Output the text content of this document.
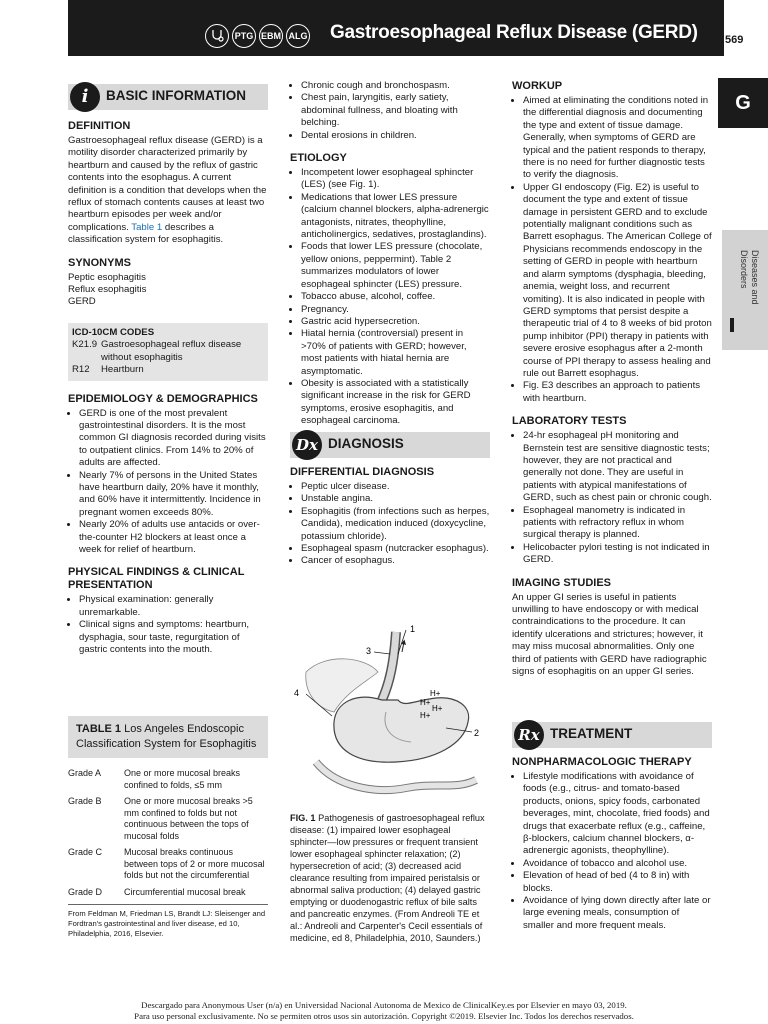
PTG EBM ALG Gastroesophageal Reflux Disease (GERD) 569
G
Diseases and Disorders
i	BASIC INFORMATION
DEFINITION

Gastroesophageal reflux disease (GERD) is a motility disorder characterized primarily by heartburn and caused by the reflux of gastric contents into the esophagus. A current definition is a condition that develops when the reflux of stomach contents causes at least two heartburn episodes per week and/or complications. Table 1 describes a classification system for esophagitis.

SYNONYMS
Peptic esophagitis
Reflux esophagitis
GERD
ICD-10CM CODES
K21.9 Gastroesophageal reflux disease without esophagitis
R12	Heartburn
EPIDEMIOLOGY & DEMOGRAPHICS
• GERD is one of the most prevalent gastrointestinal disorders. It is the most common GI diagnosis recorded during visits to outpatient clinics. From 14% to 20% of adults are affected.
• Nearly 7% of persons in the United States have heartburn daily, 20% have it monthly, and 60% have it intermittently. Incidence in pregnant women exceeds 80%.
• Nearly 20% of adults use antacids or over-the-counter H2 blockers at least once a week for relief of heartburn.
PHYSICAL FINDINGS & CLINICAL PRESENTATION
• Physical examination: generally unremarkable.
• Clinical signs and symptoms: heartburn, dysphagia, sour taste, regurgitation of gastric contents into the mouth.
TABLE 1 Los Angeles Endoscopic Classification System for Esophagitis
Grade A	One or more mucosal breaks confined to folds, ≤5 mm
Grade B	One or more mucosal breaks >5 mm confined to folds but not continuous between the tops of mucosal folds
Grade C	Mucosal breaks continuous between tops of 2 or more mucosal folds but not the circumferential
Grade D	Circumferential mucosal break
From Feldman M, Friedman LS, Brandt LJ: Sleisenger and Fordtran's gastrointestinal and liver disease, ed 10, Philadelphia, 2016, Elsevier.
• Chronic cough and bronchospasm.
• Chest pain, laryngitis, early satiety, abdominal fullness, and bloating with belching.
• Dental erosions in children.
ETIOLOGY
• Incompetent lower esophageal sphincter (LES) (see Fig. 1).
• Medications that lower LES pressure (calcium channel blockers, alpha-adrenergic antagonists, nitrates, theophylline, anticholinergics, sedatives, prostaglandins).
• Foods that lower LES pressure (chocolate, yellow onions, peppermint). Table 2 summarizes modulators of lower esophageal sphincter (LES) pressure.
• Tobacco abuse, alcohol, coffee.
• Pregnancy.
• Gastric acid hypersecretion.
• Hiatal hernia (controversial) present in >70% of patients with GERD; however, most patients with hiatal hernia are asymptomatic.
• Obesity is associated with a statistically significant increase in the risk for GERD symptoms, erosive esophagitis, and esophageal carcinoma.
Dx DIAGNOSIS
DIFFERENTIAL DIAGNOSIS
• Peptic ulcer disease.
• Unstable angina.
• Esophagitis (from infections such as herpes, Candida), medication induced (doxycycline, potassium chloride).
• Esophageal spasm (nutcracker esophagus).
• Cancer of esophagus.
1
2
3
4	H+
H+
H+
H+
FIG. 1 Pathogenesis of gastroesophageal reflux disease: (1) impaired lower esophageal sphincter—low pressures or frequent transient lower esophageal sphincter relaxation; (2) hypersecretion of acid; (3) decreased acid clearance resulting from impaired peristalsis or abnormal saliva production; (4) delayed gastric emptying or duodenogastric reflux of bile salts and pancreatic enzymes. (From Andreoli TE et al.: Andreoli and Carpenter's Cecil essentials of medicine, ed 8, Philadelphia, 2010, Saunders.)
WORKUP
• Aimed at eliminating the conditions noted in the differential diagnosis and documenting the type and extent of tissue damage. Generally, when symptoms of GERD are typical and the patient responds to therapy, there is no need for further diagnostic tests to verify the diagnosis.
• Upper GI endoscopy (Fig. E2) is useful to document the type and extent of tissue damage in persistent GERD and to exclude potentially malignant conditions such as Barrett esophagus. The American College of Physicians recommends endoscopy in the setting of GERD in people with heartburn and alarm symptoms (dysphagia, bleeding, anemia, weight loss, and recurrent vomiting). It is also indicated in people with GERD symptoms that persist despite a therapeutic trial of 4 to 8 weeks of bid proton pump inhibitor (PPI) therapy in patients with severe erosive esophagus after a 2-month course of PPI therapy to assess healing and rule out Barrett esophagus.
• Fig. E3 describes an approach to patients with heartburn.
LABORATORY TESTS
• 24-hr esophageal pH monitoring and Bernstein test are sensitive diagnostic tests; however, they are not practical and generally not done. They are useful in patients with atypical manifestations of GERD, such as chest pain or chronic cough.
• Esophageal manometry is indicated in patients with refractory reflux in whom surgical therapy is planned.
• Helicobacter pylori testing is not indicated in GERD.
IMAGING STUDIES

An upper GI series is useful in patients unwilling to have endoscopy or with medical contraindications to the procedure. It can identify ulcerations and strictures; however, it may miss mucosal abnormalities. Only one third of patients with GERD have radiographic signs of esophagitis on an upper GI series.

Rx TREATMENT
NONPHARMACOLOGIC THERAPY
• Lifestyle modifications with avoidance of foods (e.g., citrus- and tomato-based products, onions, spicy foods, carbonated beverages, mint, chocolate, fried foods) and drugs that exacerbate reflux (e.g., caffeine, β-blockers, calcium channel blockers, α-adrenergic agonists, theophylline).
• Avoidance of tobacco and alcohol use.
• Elevation of head of bed (4 to 8 in) with blocks.
• Avoidance of lying down directly after late or large evening meals, consumption of smaller and more frequent meals.
Descargado para Anonymous User (n/a) en Universidad Nacional Autonoma de Mexico de ClinicalKey.es por Elsevier en mayo 03, 2019.
Para uso personal exclusivamente. No se permiten otros usos sin autorización. Copyright ©2019. Elsevier Inc. Todos los derechos reservados.
